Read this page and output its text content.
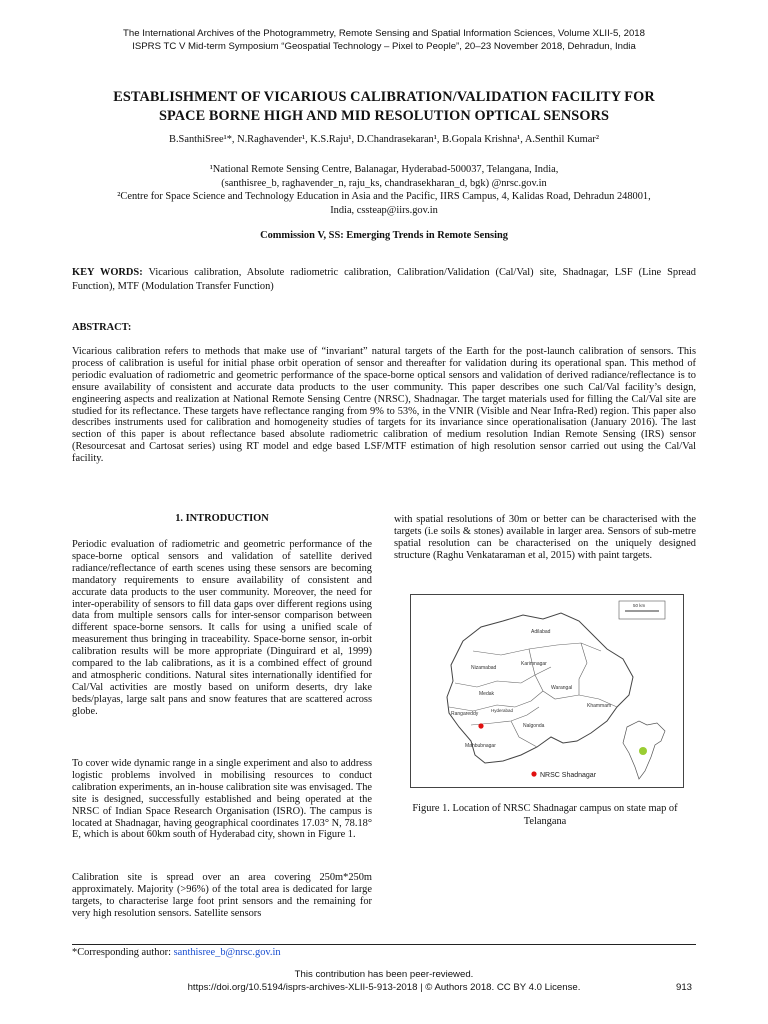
The International Archives of the Photogrammetry, Remote Sensing and Spatial Information Sciences, Volume XLII-5, 2018
ISPRS TC V Mid-term Symposium “Geospatial Technology – Pixel to People”, 20–23 November 2018, Dehradun, India
ESTABLISHMENT OF VICARIOUS CALIBRATION/VALIDATION FACILITY FOR
SPACE BORNE HIGH AND MID RESOLUTION OPTICAL SENSORS
B.SanthiSree¹*, N.Raghavender¹, K.S.Raju¹, D.Chandrasekaran¹, B.Gopala Krishna¹, A.Senthil Kumar²
¹National Remote Sensing Centre, Balanagar, Hyderabad-500037, Telangana, India,
(santhisree_b, raghavender_n, raju_ks, chandrasekharan_d, bgk) @nrsc.gov.in
²Centre for Space Science and Technology Education in Asia and the Pacific, IIRS Campus, 4, Kalidas Road, Dehradun 248001,
India, cssteap@iirs.gov.in
Commission V, SS: Emerging Trends in Remote Sensing
KEY WORDS: Vicarious calibration, Absolute radiometric calibration, Calibration/Validation (Cal/Val) site, Shadnagar, LSF (Line Spread Function), MTF (Modulation Transfer Function)
ABSTRACT:
Vicarious calibration refers to methods that make use of “invariant” natural targets of the Earth for the post-launch calibration of sensors. This process of calibration is useful for initial phase orbit operation of sensor and thereafter for validation during its operational span. This method of periodic evaluation of radiometric and geometric performance of the space-borne optical sensors and validation of derived radiance/reflectance is to ensure availability of consistent and accurate data products to the user community. This paper describes one such Cal/Val facility’s design, engineering aspects and realization at National Remote Sensing Centre (NRSC), Shadnagar. The target materials used for filling the Cal/Val site are studied for its reflectance. These targets have reflectance ranging from 9% to 53%, in the VNIR (Visible and Near Infra-Red) region. This paper also describes instruments used for calibration and homogeneity studies of targets for its invariance since operationalisation (January 2016). The last section of this paper is about reflectance based absolute radiometric calibration of medium resolution Indian Remote Sensing (IRS) sensor (Resourcesat and Cartosat series) using RT model and edge based LSF/MTF estimation of high resolution sensor carried out using the Cal/Val facility.
1. INTRODUCTION

Periodic evaluation of radiometric and geometric performance of the space-borne optical sensors and validation of satellite derived radiance/reflectance of earth scenes using these sensors are becoming mandatory requirements to ensure availability of consistent and accurate data products to the user community. Moreover, the need for inter-operability of sensors to fill data gaps over different regions using data from multiple sensors calls for inter-sensor comparison between different space-borne sensors. It calls for using a unified scale of measurement thus bringing in traceability. Space-borne sensor, in-orbit calibration results will be more appropriate (Dinguirard et al, 1999) compared to the lab calibrations, as it is a combined effect of ground and atmospheric conditions. Natural sites internationally identified for Cal/Val activities are mostly based on uniform deserts, dry lake beds/playas, large salt pans and snow features that are scattered across globe.

To cover wide dynamic range in a single experiment and also to address logistic problems involved in mobilising resources to conduct calibration experiments, an in-house calibration site was envisaged. The site is designed, successfully established and being operated at the NRSC of Indian Space Research Organisation (ISRO). The campus is located at Shadnagar, having geographical coordinates 17.03° N, 78.18° E, which is about 60km south of Hyderabad city, shown in Figure 1.

Calibration site is spread over an area covering 250m*250m approximately. Majority (>96%) of the total area is dedicated for large targets, to characterise large foot print sensors and the remaining for very high resolution sensors. Satellite sensors

with spatial resolutions of 30m or better can be characterised with the targets (i.e soils & stones) available in larger area. Sensors of sub-metre spatial resolution can be characterised on the uniquely designed structure (Raghu Venkataraman et al, 2015) with paint targets.

Adilabad
Nizamabad
Karimnagar
Medak
Warangal
Khammam
Rangareddy
Hyderabad
Nalgonda
Mahbubnagar
50 km
NRSC Shadnagar
Figure 1. Location of NRSC Shadnagar campus on state map of Telangana
*Corresponding author: santhisree_b@nrsc.gov.in
This contribution has been peer-reviewed.
https://doi.org/10.5194/isprs-archives-XLII-5-913-2018 | © Authors 2018. CC BY 4.0 License.	913
